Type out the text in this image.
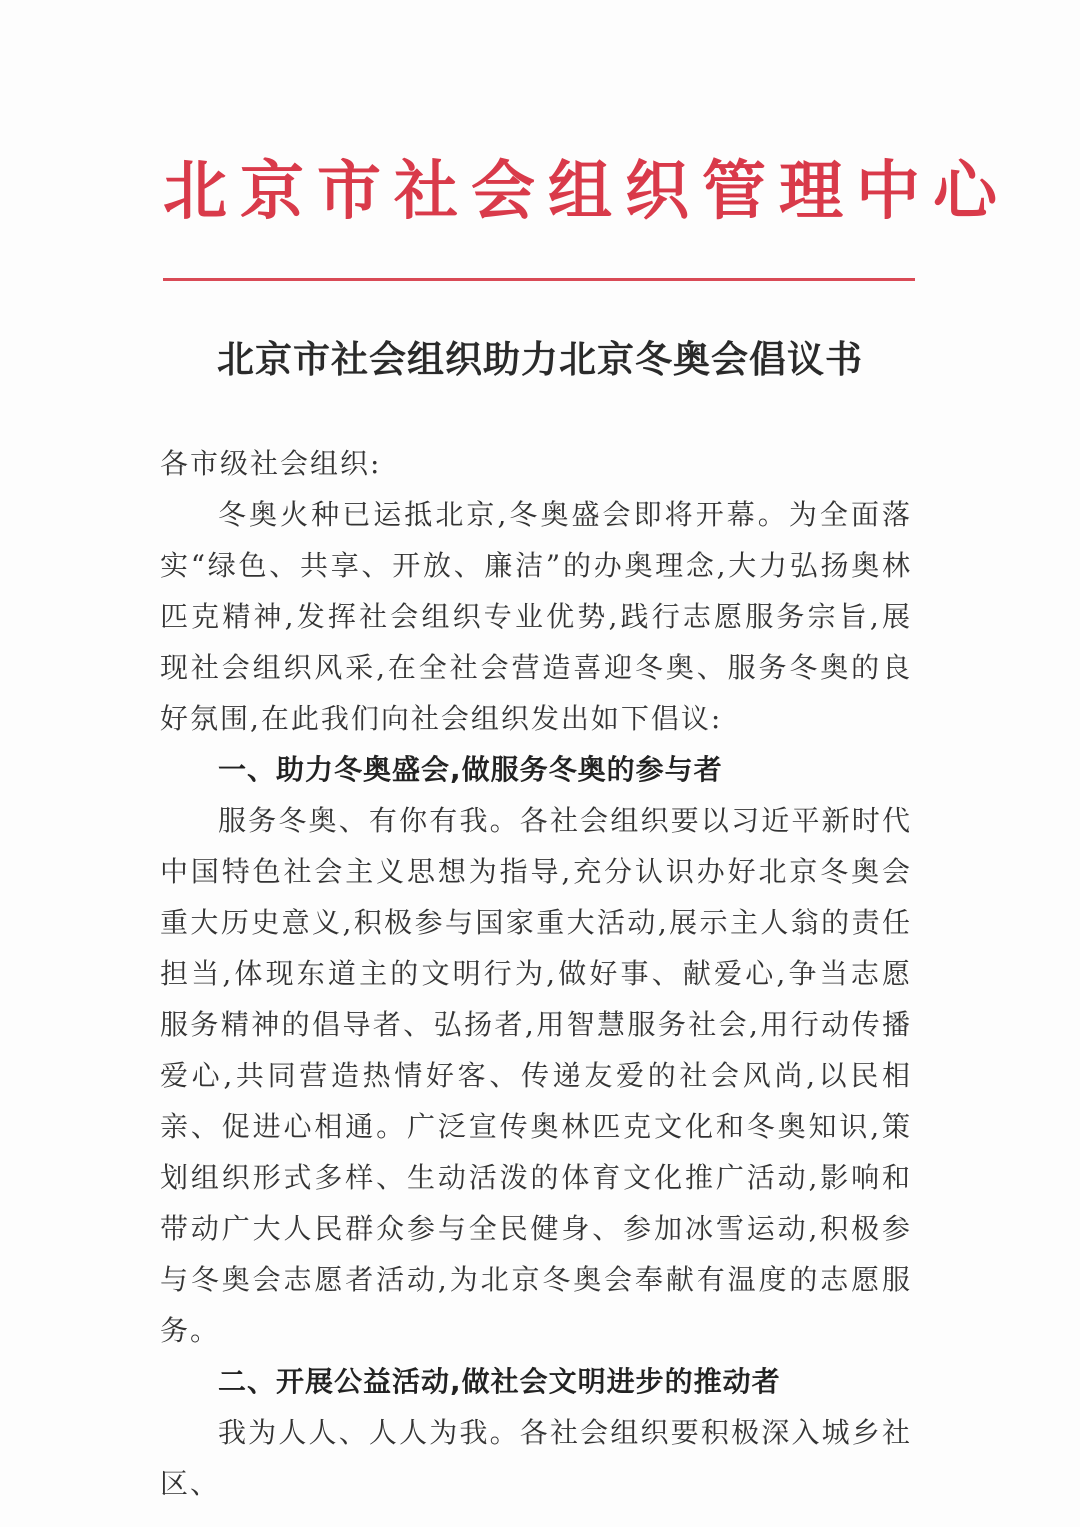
北京市社会组织管理中心
北京市社会组织助力北京冬奥会倡议书

各市级社会组织:

冬奥火种已运抵北京,冬奥盛会即将开幕。为全面落实“绿色、共享、开放、廉洁”的办奥理念,大力弘扬奥林匹克精神,发挥社会组织专业优势,践行志愿服务宗旨,展现社会组织风采,在全社会营造喜迎冬奥、服务冬奥的良好氛围,在此我们向社会组织发出如下倡议:

一、助力冬奥盛会,做服务冬奥的参与者

服务冬奥、有你有我。各社会组织要以习近平新时代中国特色社会主义思想为指导,充分认识办好北京冬奥会重大历史意义,积极参与国家重大活动,展示主人翁的责任担当,体现东道主的文明行为,做好事、献爱心,争当志愿服务精神的倡导者、弘扬者,用智慧服务社会,用行动传播爱心,共同营造热情好客、传递友爱的社会风尚,以民相亲、促进心相通。广泛宣传奥林匹克文化和冬奥知识,策划组织形式多样、生动活泼的体育文化推广活动,影响和带动广大人民群众参与全民健身、参加冰雪运动,积极参与冬奥会志愿者活动,为北京冬奥会奉献有温度的志愿服务。

二、开展公益活动,做社会文明进步的推动者

我为人人、人人为我。各社会组织要积极深入城乡社区、
